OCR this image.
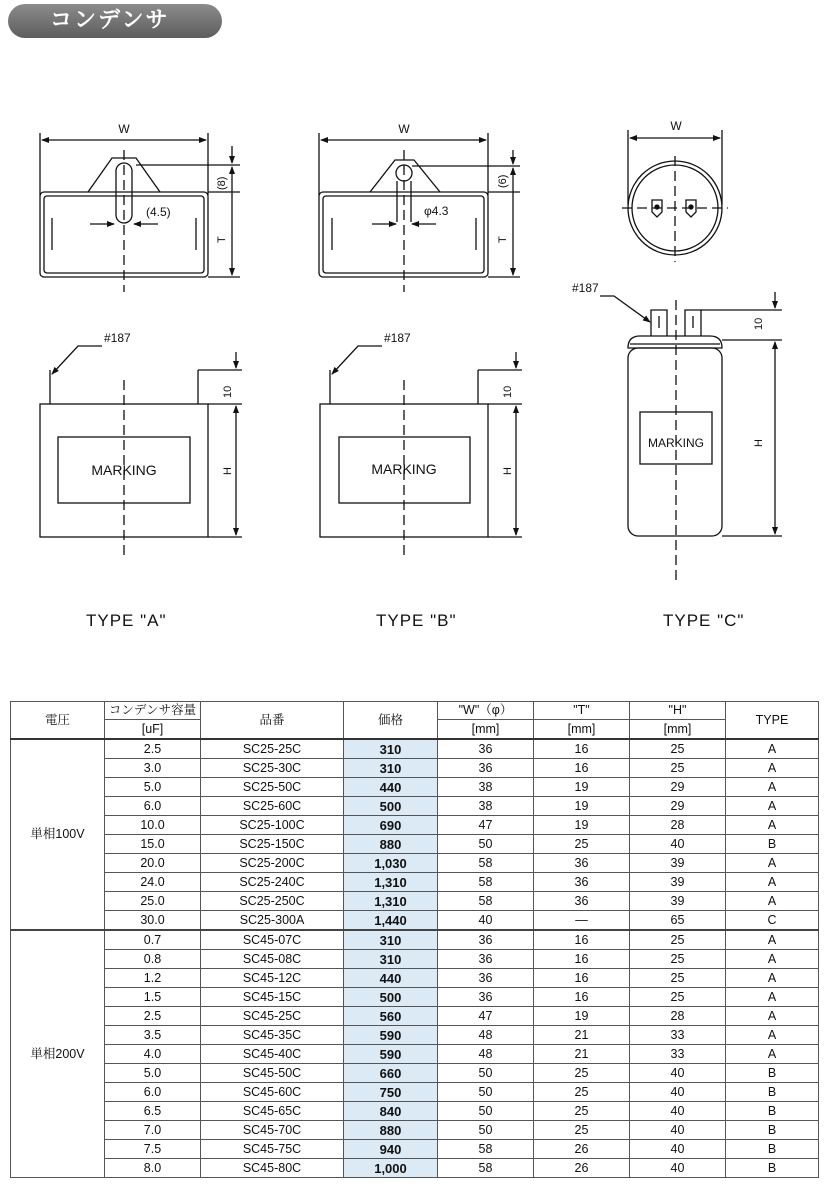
コンデンサ
W
(4.5)
(8)
T
MARKING
#187
10
H
W
φ4.3
(6)
T
MARKING
#187
10
H
W
MARKING
#187
10
H
TYPE "A"	TYPE "B"	TYPE "C"
電圧	コンデンサ容量	品番	価格	"W"（φ）	"T"	"H"	TYPE
	[uF]			[mm]	[mm]	[mm]	
単相100V	2.5	SC25-25C	310	36	16	25	A
	3.0	SC25-30C	310	36	16	25	A
	5.0	SC25-50C	440	38	19	29	A
	6.0	SC25-60C	500	38	19	29	A
	10.0	SC25-100C	690	47	19	28	A
	15.0	SC25-150C	880	50	25	40	B
	20.0	SC25-200C	1,030	58	36	39	A
	24.0	SC25-240C	1,310	58	36	39	A
	25.0	SC25-250C	1,310	58	36	39	A
	30.0	SC25-300A	1,440	40	—	65	C
単相200V	0.7	SC45-07C	310	36	16	25	A
	0.8	SC45-08C	310	36	16	25	A
	1.2	SC45-12C	440	36	16	25	A
	1.5	SC45-15C	500	36	16	25	A
	2.5	SC45-25C	560	47	19	28	A
	3.5	SC45-35C	590	48	21	33	A
	4.0	SC45-40C	590	48	21	33	A
	5.0	SC45-50C	660	50	25	40	B
	6.0	SC45-60C	750	50	25	40	B
	6.5	SC45-65C	840	50	25	40	B
	7.0	SC45-70C	880	50	25	40	B
	7.5	SC45-75C	940	58	26	40	B
	8.0	SC45-80C	1,000	58	26	40	B
